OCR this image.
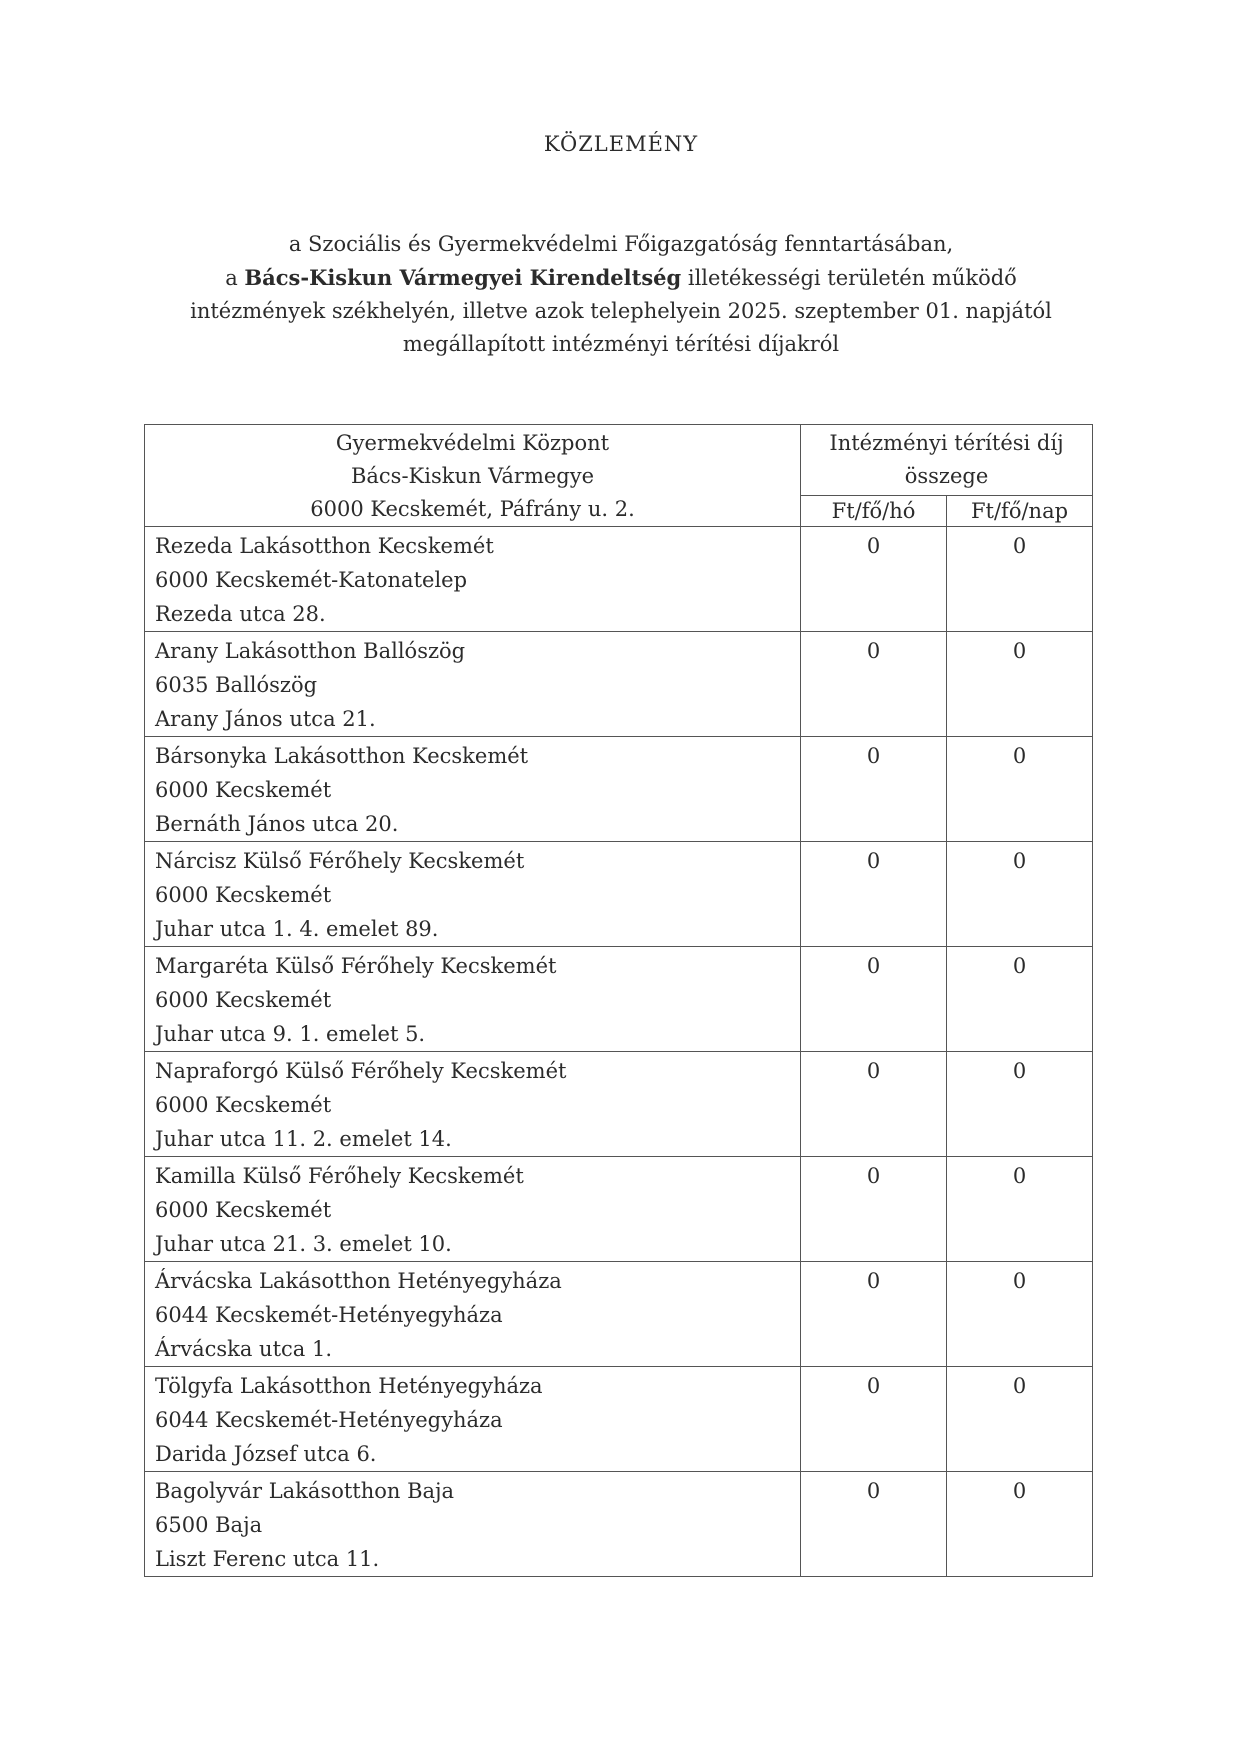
KÖZLEMÉNY
a Szociális és Gyermekvédelmi Főigazgatóság fenntartásában,
a Bács-Kiskun Vármegyei Kirendeltség illetékességi területén működő
intézmények székhelyén, illetve azok telephelyein 2025. szeptember 01. napjától
megállapított intézményi térítési díjakról
Gyermekvédelmi Központ
Bács-Kiskun Vármegye
6000 Kecskemét, Páfrány u. 2.	Intézményi térítési díj
összege	

	Ft/fő/hó	Ft/fő/nap

Rezeda Lakásotthon Kecskemét
6000 Kecskemét-Katonatelep
Rezeda utca 28.	0	0

Arany Lakásotthon Ballószög
6035 Ballószög
Arany János utca 21.	0	0

Bársonyka Lakásotthon Kecskemét
6000 Kecskemét
Bernáth János utca 20.	0	0

Nárcisz Külső Férőhely Kecskemét
6000 Kecskemét
Juhar utca 1. 4. emelet 89.	0	0

Margaréta Külső Férőhely Kecskemét
6000 Kecskemét
Juhar utca 9. 1. emelet 5.	0	0

Napraforgó Külső Férőhely Kecskemét
6000 Kecskemét
Juhar utca 11. 2. emelet 14.	0	0

Kamilla Külső Férőhely Kecskemét
6000 Kecskemét
Juhar utca 21. 3. emelet 10.	0	0

Árvácska Lakásotthon Hetényegyháza
6044 Kecskemét-Hetényegyháza
Árvácska utca 1.	0	0

Tölgyfa Lakásotthon Hetényegyháza
6044 Kecskemét-Hetényegyháza
Darida József utca 6.	0	0

Bagolyvár Lakásotthon Baja
6500 Baja
Liszt Ferenc utca 11.	0	0
